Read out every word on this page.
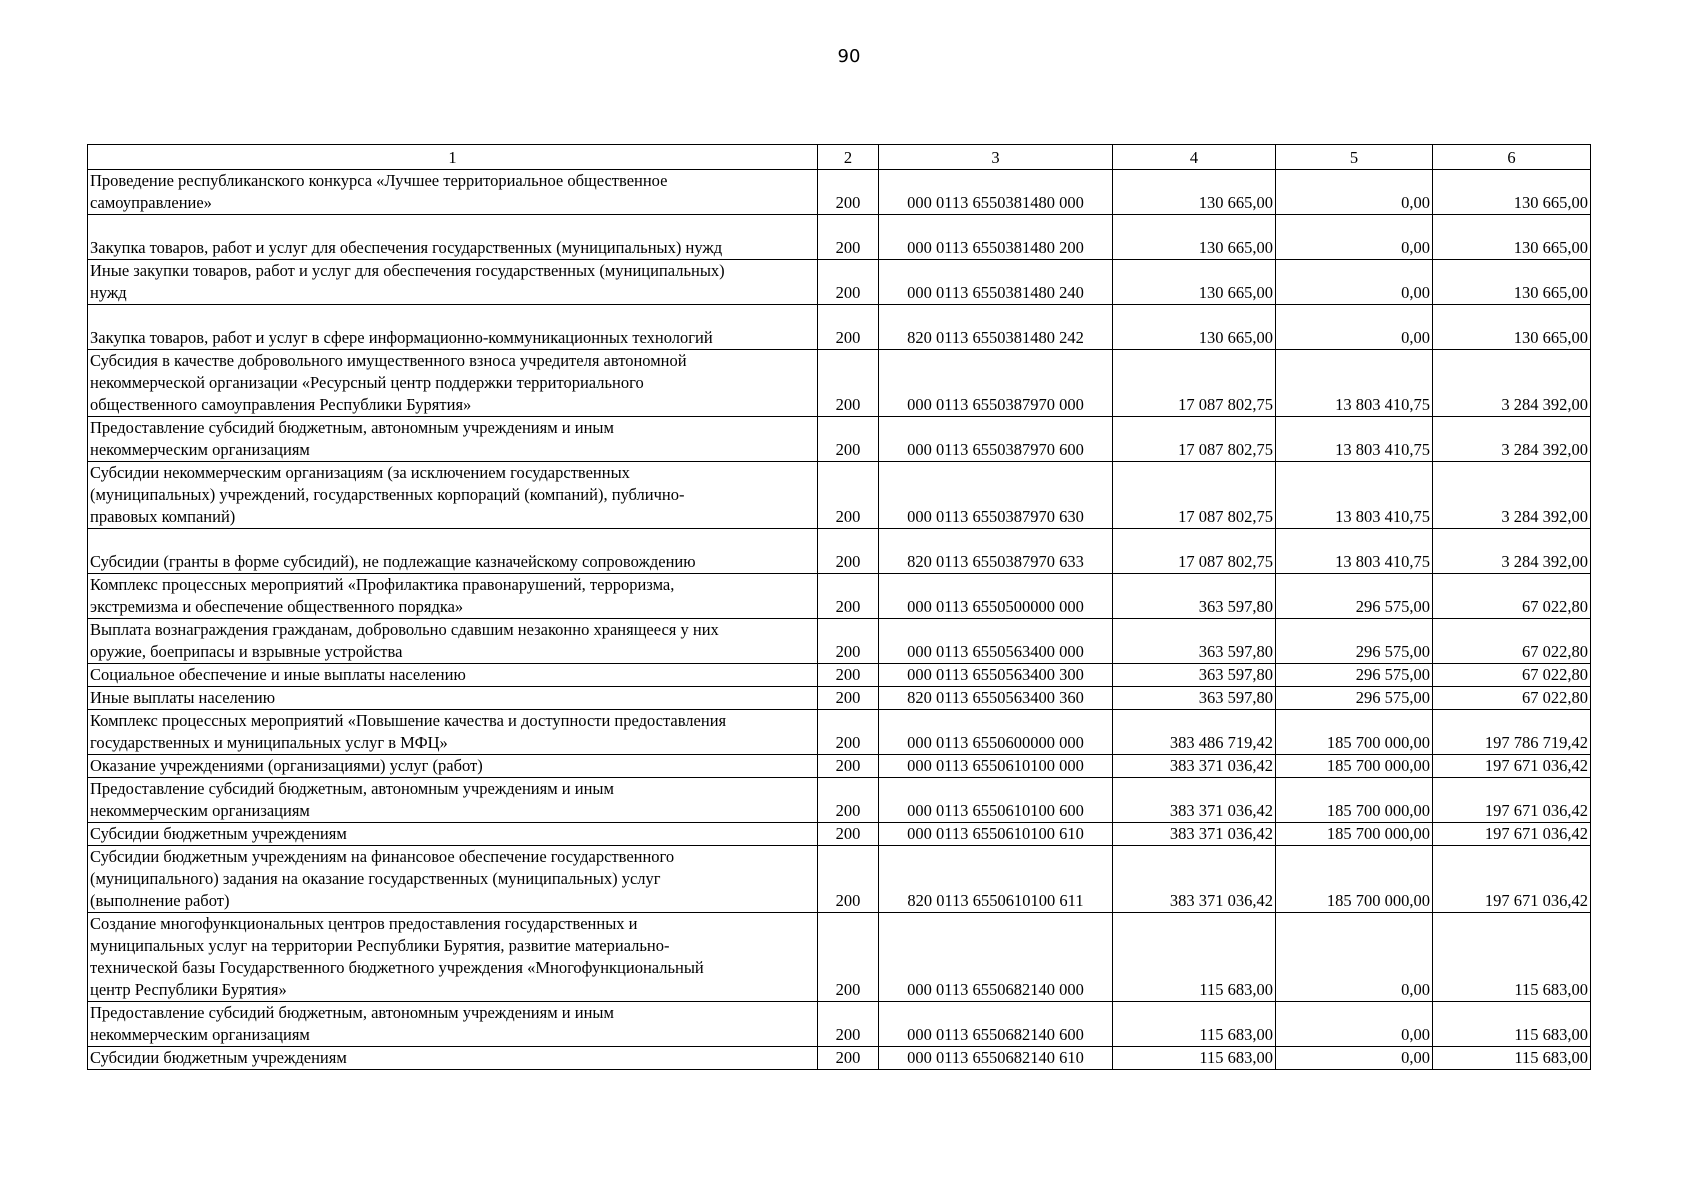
90
1	2	3	4	5	6

Проведение республиканского конкурса «Лучшее территориальное общественное
самоуправление»	200	000 0113 6550381480 000	130 665,00	0,00	130 665,00

Закупка товаров, работ и услуг для обеспечения государственных (муниципальных) нужд	200	000 0113 6550381480 200	130 665,00	0,00	130 665,00

Иные закупки товаров, работ и услуг для обеспечения государственных (муниципальных)
нужд	200	000 0113 6550381480 240	130 665,00	0,00	130 665,00

Закупка товаров, работ и услуг в сфере информационно-коммуникационных технологий	200	820 0113 6550381480 242	130 665,00	0,00	130 665,00

Субсидия в качестве добровольного имущественного взноса учредителя автономной
некоммерческой организации «Ресурсный центр поддержки территориального
общественного самоуправления Республики Бурятия»	200	000 0113 6550387970 000	17 087 802,75	13 803 410,75	3 284 392,00

Предоставление субсидий бюджетным, автономным учреждениям и иным
некоммерческим организациям	200	000 0113 6550387970 600	17 087 802,75	13 803 410,75	3 284 392,00

Субсидии некоммерческим организациям (за исключением государственных
(муниципальных) учреждений, государственных корпораций (компаний), публично-
правовых компаний)	200	000 0113 6550387970 630	17 087 802,75	13 803 410,75	3 284 392,00

Субсидии (гранты в форме субсидий), не подлежащие казначейскому сопровождению	200	820 0113 6550387970 633	17 087 802,75	13 803 410,75	3 284 392,00

Комплекс процессных мероприятий «Профилактика правонарушений, терроризма,
экстремизма и обеспечение общественного порядка»	200	000 0113 6550500000 000	363 597,80	296 575,00	67 022,80

Выплата вознаграждения гражданам, добровольно сдавшим незаконно хранящееся у них
оружие, боеприпасы и взрывные устройства	200	000 0113 6550563400 000	363 597,80	296 575,00	67 022,80

Социальное обеспечение и иные выплаты населению	200	000 0113 6550563400 300	363 597,80	296 575,00	67 022,80

Иные выплаты населению	200	820 0113 6550563400 360	363 597,80	296 575,00	67 022,80

Комплекс процессных мероприятий «Повышение качества и доступности предоставления
государственных и муниципальных услуг в МФЦ»	200	000 0113 6550600000 000	383 486 719,42	185 700 000,00	197 786 719,42

Оказание учреждениями (организациями) услуг (работ)	200	000 0113 6550610100 000	383 371 036,42	185 700 000,00	197 671 036,42

Предоставление субсидий бюджетным, автономным учреждениям и иным
некоммерческим организациям	200	000 0113 6550610100 600	383 371 036,42	185 700 000,00	197 671 036,42

Субсидии бюджетным учреждениям	200	000 0113 6550610100 610	383 371 036,42	185 700 000,00	197 671 036,42

Субсидии бюджетным учреждениям на финансовое обеспечение государственного
(муниципального) задания на оказание государственных (муниципальных) услуг
(выполнение работ)	200	820 0113 6550610100 611	383 371 036,42	185 700 000,00	197 671 036,42

Создание многофункциональных центров предоставления государственных и
муниципальных услуг на территории Республики Бурятия, развитие материально-
технической базы Государственного бюджетного учреждения «Многофункциональный
центр Республики Бурятия»	200	000 0113 6550682140 000	115 683,00	0,00	115 683,00

Предоставление субсидий бюджетным, автономным учреждениям и иным
некоммерческим организациям	200	000 0113 6550682140 600	115 683,00	0,00	115 683,00

Субсидии бюджетным учреждениям	200	000 0113 6550682140 610	115 683,00	0,00	115 683,00
